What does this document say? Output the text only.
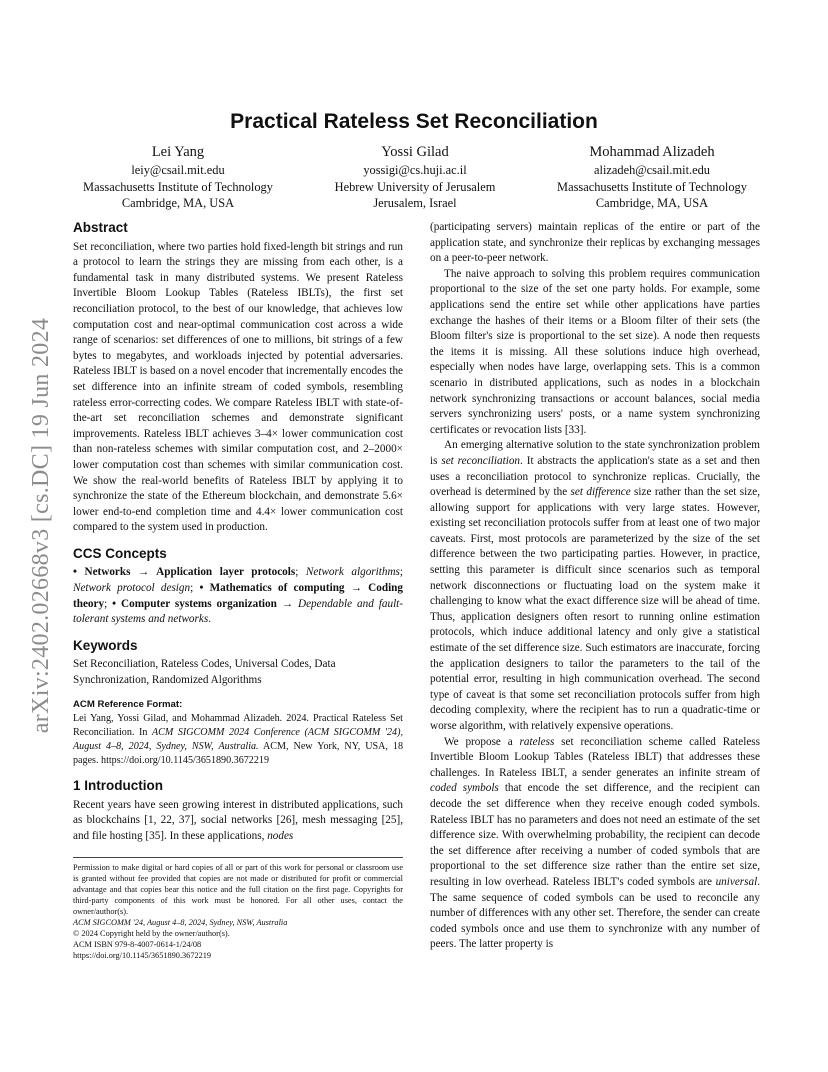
arXiv:2402.02668v3 [cs.DC] 19 Jun 2024
Practical Rateless Set Reconciliation
Lei Yang
leiy@csail.mit.edu
Massachusetts Institute of Technology
Cambridge, MA, USA
Yossi Gilad
yossigi@cs.huji.ac.il
Hebrew University of Jerusalem
Jerusalem, Israel
Mohammad Alizadeh
alizadeh@csail.mit.edu
Massachusetts Institute of Technology
Cambridge, MA, USA
Abstract

Set reconciliation, where two parties hold fixed-length bit strings and run a protocol to learn the strings they are missing from each other, is a fundamental task in many distributed systems. We present Rateless Invertible Bloom Lookup Tables (Rateless IBLTs), the first set reconciliation protocol, to the best of our knowledge, that achieves low computation cost and near-optimal communication cost across a wide range of scenarios: set differences of one to millions, bit strings of a few bytes to megabytes, and workloads injected by potential adversaries. Rateless IBLT is based on a novel encoder that incrementally encodes the set difference into an infinite stream of coded symbols, resembling rateless error-correcting codes. We compare Rateless IBLT with state-of-the-art set reconciliation schemes and demonstrate significant improvements. Rateless IBLT achieves 3–4× lower communication cost than non-rateless schemes with similar computation cost, and 2–2000× lower computation cost than schemes with similar communication cost. We show the real-world benefits of Rateless IBLT by applying it to synchronize the state of the Ethereum blockchain, and demonstrate 5.6× lower end-to-end completion time and 4.4× lower communication cost compared to the system used in production.

CCS Concepts

• Networks → Application layer protocols; Network algorithms; Network protocol design; • Mathematics of computing → Coding theory; • Computer systems organization → Dependable and fault-tolerant systems and networks.

Keywords

Set Reconciliation, Rateless Codes, Universal Codes, Data Synchronization, Randomized Algorithms

ACM Reference Format:

Lei Yang, Yossi Gilad, and Mohammad Alizadeh. 2024. Practical Rateless Set Reconciliation. In ACM SIGCOMM 2024 Conference (ACM SIGCOMM '24), August 4–8, 2024, Sydney, NSW, Australia. ACM, New York, NY, USA, 18 pages. https://doi.org/10.1145/3651890.3672219

1 Introduction

Recent years have seen growing interest in distributed applications, such as blockchains [1, 22, 37], social networks [26], mesh messaging [25], and file hosting [35]. In these applications, nodes

(participating servers) maintain replicas of the entire or part of the application state, and synchronize their replicas by exchanging messages on a peer-to-peer network.

The naive approach to solving this problem requires communication proportional to the size of the set one party holds. For example, some applications send the entire set while other applications have parties exchange the hashes of their items or a Bloom filter of their sets (the Bloom filter's size is proportional to the set size). A node then requests the items it is missing. All these solutions induce high overhead, especially when nodes have large, overlapping sets. This is a common scenario in distributed applications, such as nodes in a blockchain network synchronizing transactions or account balances, social media servers synchronizing users' posts, or a name system synchronizing certificates or revocation lists [33].

An emerging alternative solution to the state synchronization problem is set reconciliation. It abstracts the application's state as a set and then uses a reconciliation protocol to synchronize replicas. Crucially, the overhead is determined by the set difference size rather than the set size, allowing support for applications with very large states. However, existing set reconciliation protocols suffer from at least one of two major caveats. First, most protocols are parameterized by the size of the set difference between the two participating parties. However, in practice, setting this parameter is difficult since scenarios such as temporal network disconnections or fluctuating load on the system make it challenging to know what the exact difference size will be ahead of time. Thus, application designers often resort to running online estimation protocols, which induce additional latency and only give a statistical estimate of the set difference size. Such estimators are inaccurate, forcing the application designers to tailor the parameters to the tail of the potential error, resulting in high communication overhead. The second type of caveat is that some set reconciliation protocols suffer from high decoding complexity, where the recipient has to run a quadratic-time or worse algorithm, with relatively expensive operations.

We propose a rateless set reconciliation scheme called Rateless Invertible Bloom Lookup Tables (Rateless IBLT) that addresses these challenges. In Rateless IBLT, a sender generates an infinite stream of coded symbols that encode the set difference, and the recipient can decode the set difference when they receive enough coded symbols. Rateless IBLT has no parameters and does not need an estimate of the set difference size. With overwhelming probability, the recipient can decode the set difference after receiving a number of coded symbols that are proportional to the set difference size rather than the entire set size, resulting in low overhead. Rateless IBLT's coded symbols are universal. The same sequence of coded symbols can be used to reconcile any number of differences with any other set. Therefore, the sender can create coded symbols once and use them to synchronize with any number of peers. The latter property is

Permission to make digital or hard copies of all or part of this work for personal or classroom use is granted without fee provided that copies are not made or distributed for profit or commercial advantage and that copies bear this notice and the full citation on the first page. Copyrights for third-party components of this work must be honored. For all other uses, contact the owner/author(s).
ACM SIGCOMM '24, August 4–8, 2024, Sydney, NSW, Australia
© 2024 Copyright held by the owner/author(s).
ACM ISBN 979-8-4007-0614-1/24/08
https://doi.org/10.1145/3651890.3672219
